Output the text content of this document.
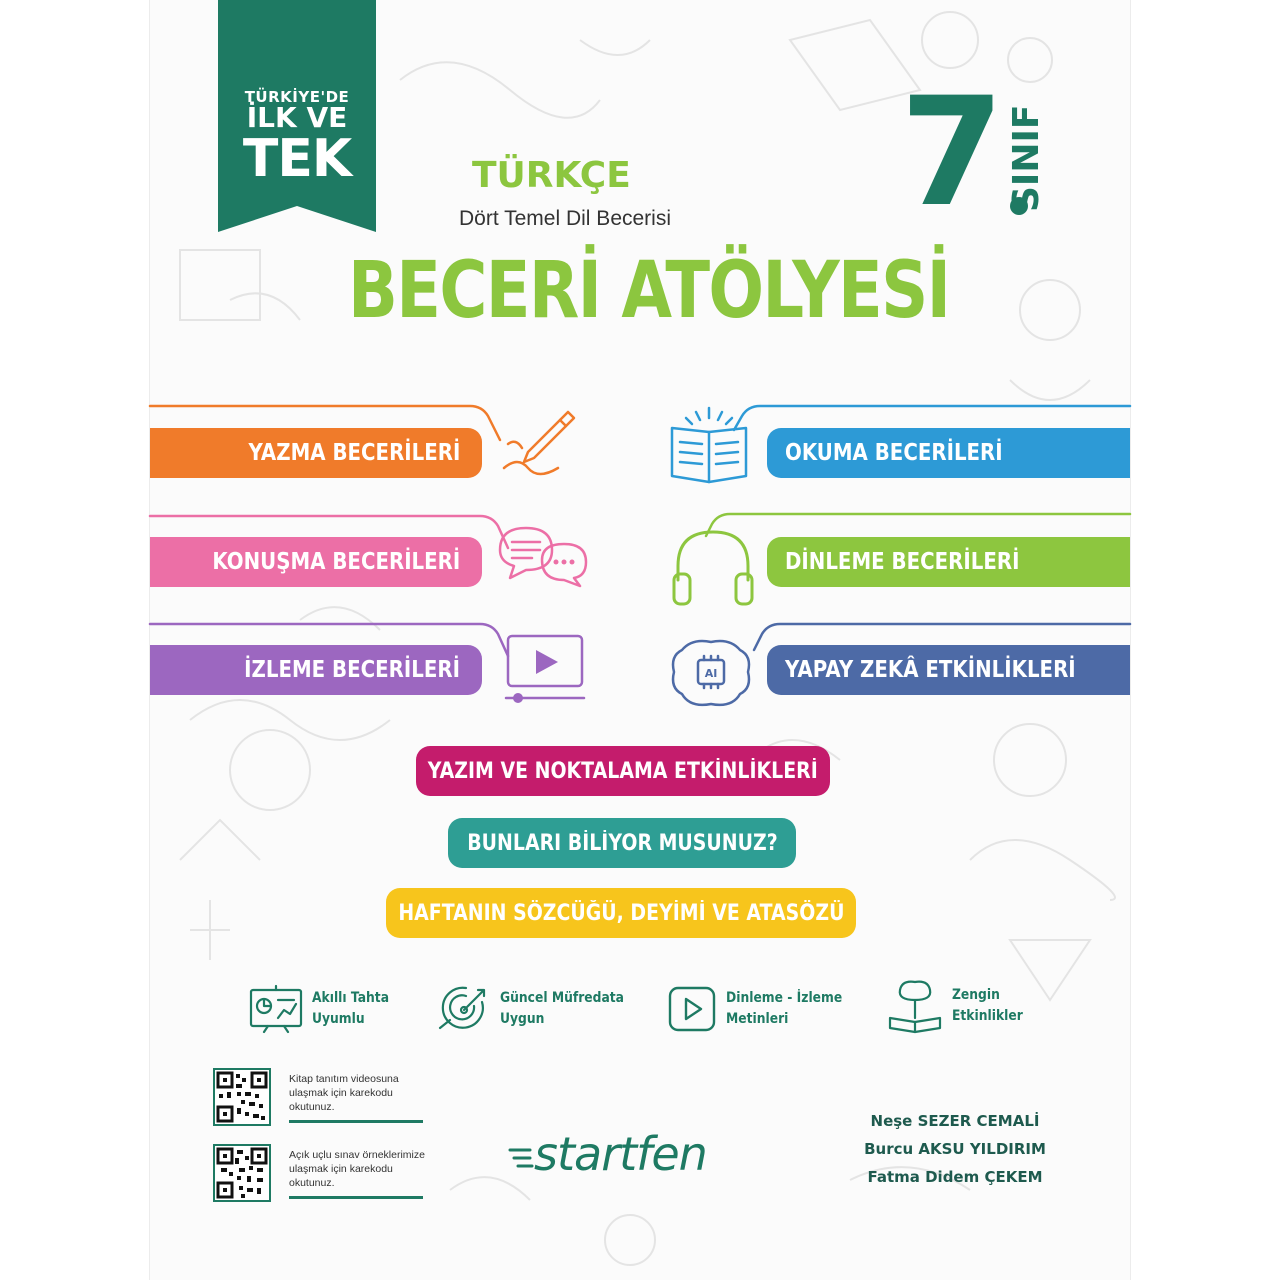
TÜRKİYE'DE
İLK VE
TEK	TÜRKÇE
Dört Temel Dil Becerisi	7 SINIF
BECERİ ATÖLYESİ
YAZMA BECERİLERİ
KONUŞMA BECERİLERİ
İZLEME BECERİLERİ
OKUMA BECERİLERİ
DİNLEME BECERİLERİ
YAPAY ZEKÂ ETKİNLİKLERİ
AI
YAZIM VE NOKTALAMA ETKİNLİKLERİ
BUNLARI BİLİYOR MUSUNUZ?
HAFTANIN SÖZCÜĞÜ, DEYİMİ VE ATASÖZÜ
Akıllı Tahta
Uyumlu
Güncel Müfredata
Uygun
Dinleme - İzleme
Metinleri
Zengin
Etkinlikler
Kitap tanıtım videosuna ulaşmak için karekodu okutunuz.
Açık uçlu sınav örneklerimize ulaşmak için karekodu okutunuz.
startfen
Neşe SEZER CEMALİ
Burcu AKSU YILDIRIM
Fatma Didem ÇEKEM
